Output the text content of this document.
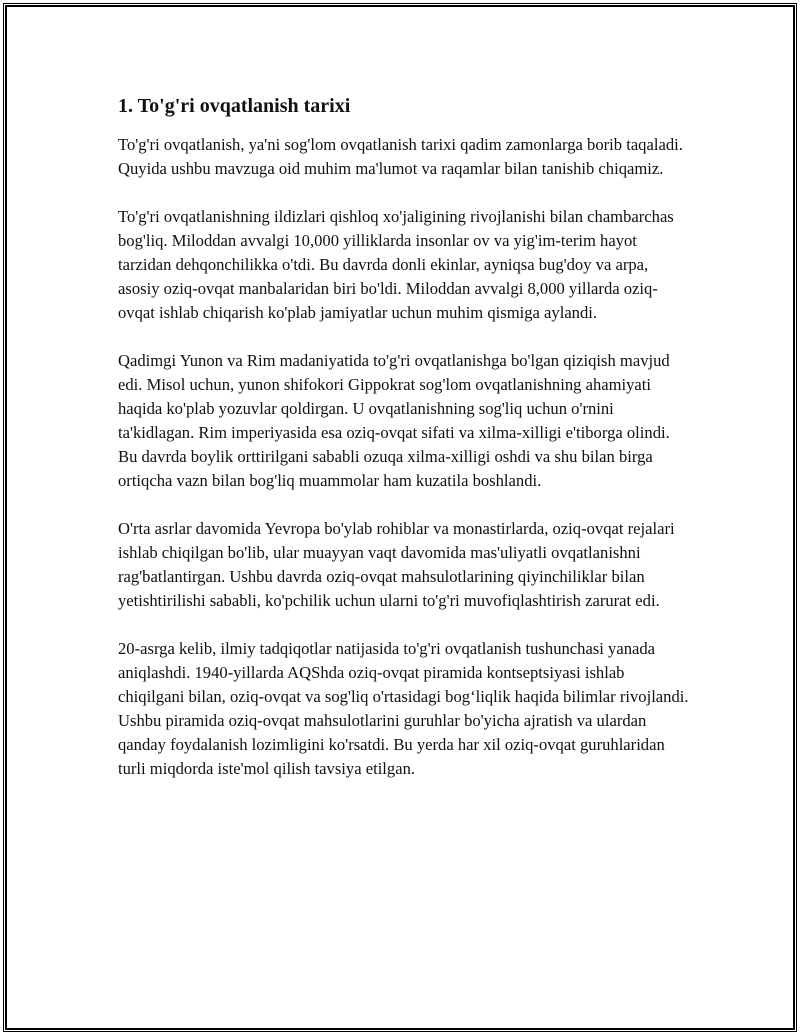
1. To'g'ri ovqatlanish tarixi

To'g'ri ovqatlanish, ya'ni sog'lom ovqatlanish tarixi qadim zamonlarga borib taqaladi. Quyida ushbu mavzuga oid muhim ma'lumot va raqamlar bilan tanishib chiqamiz.

To'g'ri ovqatlanishning ildizlari qishloq xo'jaligining rivojlanishi bilan chambarchas bog'liq. Miloddan avvalgi 10,000 yilliklarda insonlar ov va yig'im-terim hayot tarzidan dehqonchilikka o'tdi. Bu davrda donli ekinlar, ayniqsa bug'doy va arpa, asosiy oziq-ovqat manbalaridan biri bo'ldi. Miloddan avvalgi 8,000 yillarda oziq-ovqat ishlab chiqarish ko'plab jamiyatlar uchun muhim qismiga aylandi.

Qadimgi Yunon va Rim madaniyatida to'g'ri ovqatlanishga bo'lgan qiziqish mavjud edi. Misol uchun, yunon shifokori Gippokrat sog'lom ovqatlanishning ahamiyati haqida ko'plab yozuvlar qoldirgan. U ovqatlanishning sog'liq uchun o'rnini ta'kidlagan. Rim imperiyasida esa oziq-ovqat sifati va xilma-xilligi e'tiborga olindi. Bu davrda boylik orttirilgani sababli ozuqa xilma-xilligi oshdi va shu bilan birga ortiqcha vazn bilan bog'liq muammolar ham kuzatila boshlandi.

O'rta asrlar davomida Yevropa bo'ylab rohiblar va monastirlarda, oziq-ovqat rejalari ishlab chiqilgan bo'lib, ular muayyan vaqt davomida mas'uliyatli ovqatlanishni rag'batlantirgan. Ushbu davrda oziq-ovqat mahsulotlarining qiyinchiliklar bilan yetishtirilishi sababli, ko'pchilik uchun ularni to'g'ri muvofiqlashtirish zarurat edi.

20-asrga kelib, ilmiy tadqiqotlar natijasida to'g'ri ovqatlanish tushunchasi yanada aniqlashdi. 1940-yillarda AQShda oziq-ovqat piramida kontseptsiyasi ishlab chiqilgani bilan, oziq-ovqat va sog'liq o'rtasidagi bog‘liqlik haqida bilimlar rivojlandi. Ushbu piramida oziq-ovqat mahsulotlarini guruhlar bo'yicha ajratish va ulardan qanday foydalanish lozimligini ko'rsatdi. Bu yerda har xil oziq-ovqat guruhlaridan turli miqdorda iste'mol qilish tavsiya etilgan.
